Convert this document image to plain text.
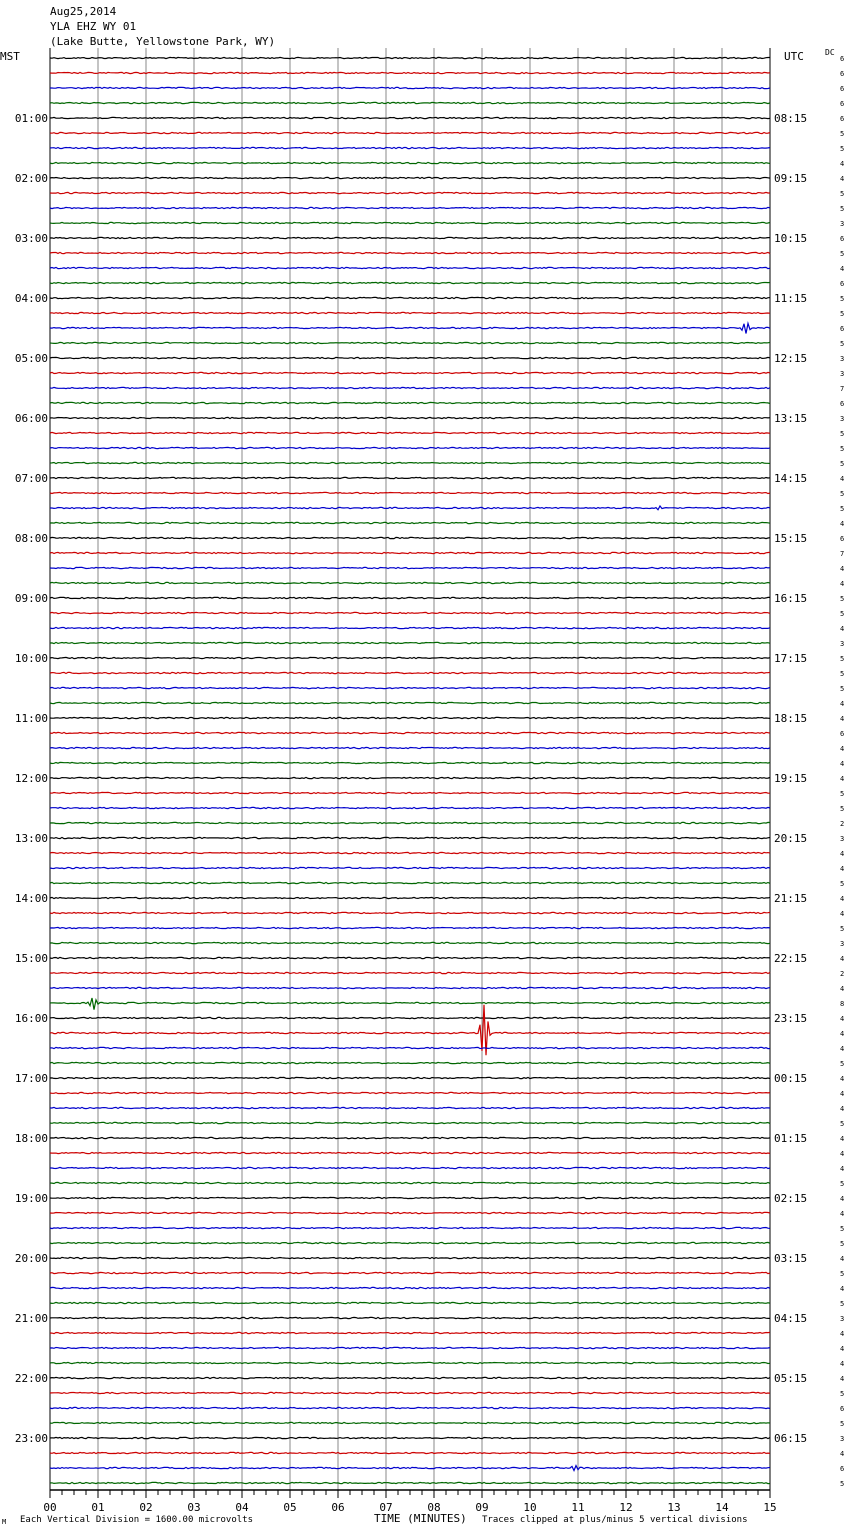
Aug25,2014
YLA EHZ WY 01
(Lake Butte, Yellowstone Park, WY)
MST	UTC	DC
01:00
02:00
03:00
04:00
05:00
06:00
07:00
08:00
09:00
10:00
11:00
12:00
13:00
14:00
15:00
16:00
17:00
18:00
19:00
20:00
21:00
22:00
23:00
08:15
09:15
10:15
11:15
12:15
13:15
14:15
15:15
16:15
17:15
18:15
19:15
20:15
21:15
22:15
23:15
00:15
01:15
02:15
03:15
04:15
05:15
06:15
6
6
6
6
6
5
5
4
4
5
5
3
6
5
4
6
5
5
6
5
3
3
7
6
3
5
5
5
4
5
5
4
6
7
4
4
5
5
4
3
5
5
5
4
4
6
4
4
4
5
5
2
3
4
4
5
4
4
5
3
4
2
4
8
4
4
4
5
4
4
4
5
4
4
4
5
4
4
5
5
4
5
4
5
3
4
4
4
4
5
6
5
3
4
6
5
00	01	02	03	04	05	06	07	08	09	10	11	12	13	14	15
M Each Vertical Division = 1600.00 microvolts	TIME (MINUTES) Traces clipped at plus/minus 5 vertical divisions
